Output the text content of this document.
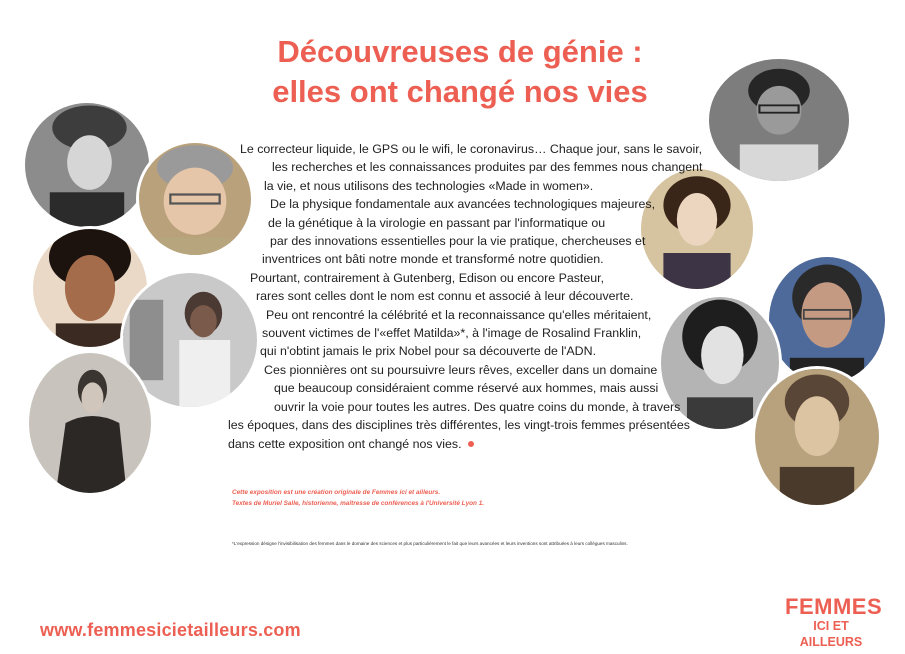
Découvreuses de génie :
elles ont changé nos vies

Le correcteur liquide, le GPS ou le wifi, le coronavirus… Chaque jour, sans le savoir,
les recherches et les connaissances produites par des femmes nous changent
la vie, et nous utilisons des technologies «Made in women».
De la physique fondamentale aux avancées technologiques majeures,
de la génétique à la virologie en passant par l'informatique ou
par des innovations essentielles pour la vie pratique, chercheuses et
inventrices ont bâti notre monde et transformé notre quotidien.
Pourtant, contrairement à Gutenberg, Edison ou encore Pasteur,
rares sont celles dont le nom est connu et associé à leur découverte.
Peu ont rencontré la célébrité et la reconnaissance qu'elles méritaient,
souvent victimes de l'«effet Matilda»*, à l'image de Rosalind Franklin,
qui n'obtint jamais le prix Nobel pour sa découverte de l'ADN.
Ces pionnières ont su poursuivre leurs rêves, exceller dans un domaine
que beaucoup considéraient comme réservé aux hommes, mais aussi
ouvrir la voie pour toutes les autres. Des quatre coins du monde, à travers
les époques, dans des disciplines très différentes, les vingt-trois femmes présentées
dans cette exposition ont changé nos vies.

Cette exposition est une création originale de Femmes ici et ailleurs.
Textes de Muriel Salle, historienne, maîtresse de conférences à l'Université Lyon 1.

*L'expression désigne l'invisibilisation des femmes dans le domaine des sciences et plus particulièrement le fait que leurs avancées et leurs inventions sont attribuées à leurs collègues masculins.

www.femmesicietailleurs.com
FEMMES
ICI ET AILLEURS
